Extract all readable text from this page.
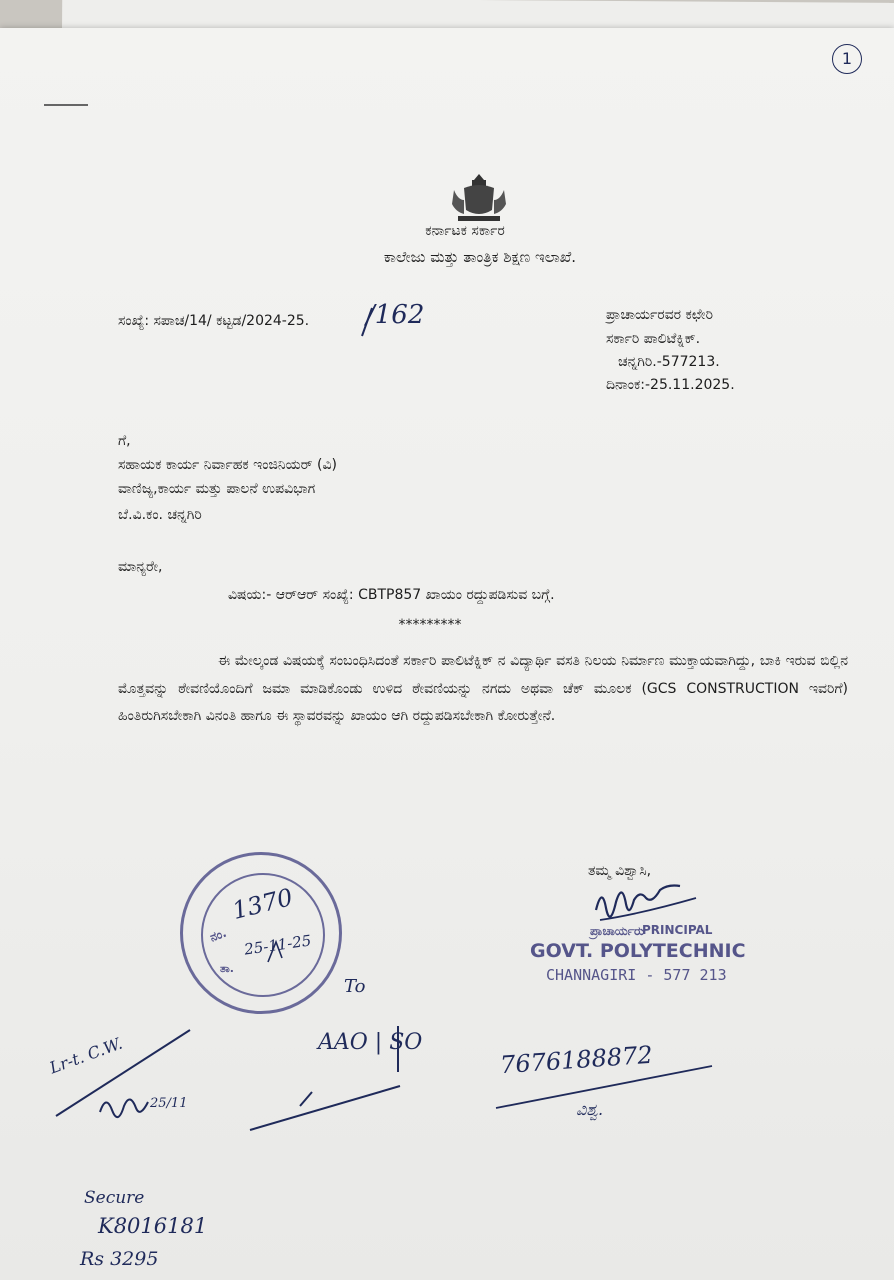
1
ಕರ್ನಾಟಕ ಸರ್ಕಾರ
ಕಾಲೇಜು ಮತ್ತು ತಾಂತ್ರಿಕ ಶಿಕ್ಷಣ ಇಲಾಖೆ.
ಸಂಖ್ಯೆ: ಸಪಾಚ/14/ ಕಟ್ಟಡ/2024-25. /162	ಪ್ರಾಚಾರ್ಯರವರ ಕಛೇರಿ
ಸರ್ಕಾರಿ ಪಾಲಿಟೆಕ್ನಿಕ್.
ಚನ್ನಗಿರಿ.-577213.
ದಿನಾಂಕ:-25.11.2025.
ಗೆ,
ಸಹಾಯಕ ಕಾರ್ಯ ನಿರ್ವಾಹಕ ಇಂಜಿನಿಯರ್ (ವಿ)
ವಾಣಿಜ್ಯ,ಕಾರ್ಯ ಮತ್ತು ಪಾಲನೆ ಉಪವಿಭಾಗ
ಬೆ.ವಿ.ಕಂ. ಚನ್ನಗಿರಿ
ಮಾನ್ಯರೇ,
ವಿಷಯ:- ಆರ್‌ಆರ್ ಸಂಖ್ಯೆ: CBTP857 ಖಾಯಂ ರದ್ದುಪಡಿಸುವ ಬಗ್ಗೆ.
*********
ಈ ಮೇಲ್ಕಂಡ ವಿಷಯಕ್ಕೆ ಸಂಬಂಧಿಸಿದಂತೆ ಸರ್ಕಾರಿ ಪಾಲಿಟೆಕ್ನಿಕ್ ನ ವಿದ್ಯಾರ್ಥಿ ವಸತಿ ನಿಲಯ ನಿರ್ಮಾಣ ಮುಕ್ತಾಯವಾಗಿದ್ದು, ಬಾಕಿ ಇರುವ ಬಿಲ್ಲಿನ ಮೊತ್ತವನ್ನು ಠೇವಣಿಯೊಂದಿಗೆ ಜಮಾ ಮಾಡಿಕೊಂಡು ಉಳಿದ ಠೇವಣಿಯನ್ನು ನಗದು ಅಥವಾ ಚೆಕ್ ಮೂಲಕ (GCS CONSTRUCTION ಇವರಿಗೆ) ಹಿಂತಿರುಗಿಸಬೇಕಾಗಿ ವಿನಂತಿ ಹಾಗೂ ಈ ಸ್ಥಾವರವನ್ನು ಖಾಯಂ ಆಗಿ ರದ್ದುಪಡಿಸಬೇಕಾಗಿ ಕೋರುತ್ತೇನೆ.
ತಮ್ಮ ವಿಶ್ವಾಸಿ,
ಪ್ರಾಚಾರ್ಯರು
PRINCIPAL
GOVT. POLYTECHNIC
CHANNAGIRI - 577 213
ನಂ.
1370
ತಾ.
25-11-25
To
AAO | SO
Lr-t. C.W.
25/11
7676188872
ವಿಶ್ವ.
Secure
K8016181
Rs 3295
